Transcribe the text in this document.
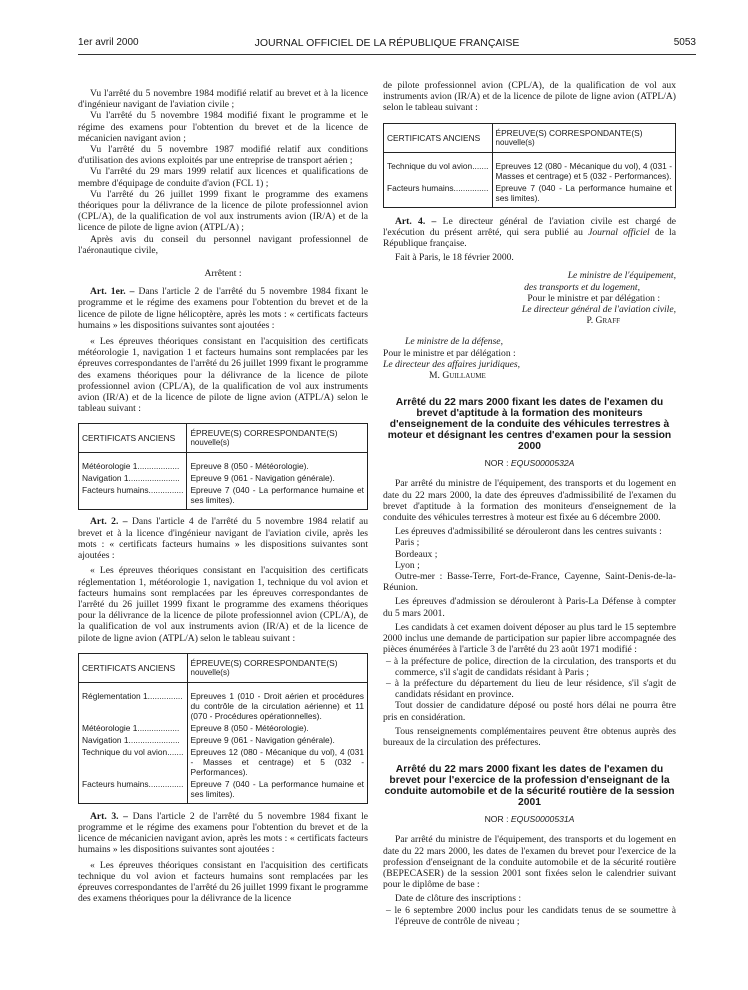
1er avril 2000	JOURNAL OFFICIEL DE LA RÉPUBLIQUE FRANÇAISE	5053

Vu l'arrêté du 5 novembre 1984 modifié relatif au brevet et à la licence d'ingénieur navigant de l'aviation civile ;

Vu l'arrêté du 5 novembre 1984 modifié fixant le programme et le régime des examens pour l'obtention du brevet et de la licence de mécanicien navigant avion ;

Vu l'arrêté du 5 novembre 1987 modifié relatif aux conditions d'utilisation des avions exploités par une entreprise de transport aérien ;

Vu l'arrêté du 29 mars 1999 relatif aux licences et qualifications de membre d'équipage de conduite d'avion (FCL 1) ;

Vu l'arrêté du 26 juillet 1999 fixant le programme des examens théoriques pour la délivrance de la licence de pilote professionnel avion (CPL/A), de la qualification de vol aux instruments avion (IR/A) et de la licence de pilote de ligne avion (ATPL/A) ;

Après avis du conseil du personnel navigant professionnel de l'aéronautique civile,

Arrêtent :

Art. 1er. – Dans l'article 2 de l'arrêté du 5 novembre 1984 fixant le programme et le régime des examens pour l'obtention du brevet et de la licence de pilote de ligne hélicoptère, après les mots : « certificats facteurs humains » les dispositions suivantes sont ajoutées :

« Les épreuves théoriques consistant en l'acquisition des certificats météorologie 1, navigation 1 et facteurs humains sont remplacées par les épreuves correspondantes de l'arrêté du 26 juillet 1999 fixant le programme des examens théoriques pour la délivrance de la licence de pilote professionnel avion (CPL/A), de la qualification de vol aux instruments avion (IR/A) et de la licence de pilote de ligne avion (ATPL/A) selon le tableau suivant :

CERTIFICATS ANCIENS	ÉPREUVE(S) CORRESPONDANTE(S)
nouvelle(s)

Météorologie 1..................	Epreuve 8 (050 - Météorologie).
Navigation 1......................	Epreuve 9 (061 - Navigation générale).
Facteurs humains...............	Epreuve 7 (040 - La performance humaine et ses limites).

Art. 2. – Dans l'article 4 de l'arrêté du 5 novembre 1984 relatif au brevet et à la licence d'ingénieur navigant de l'aviation civile, après les mots : « certificats facteurs humains » les dispositions suivantes sont ajoutées :

« Les épreuves théoriques consistant en l'acquisition des certificats réglementation 1, météorologie 1, navigation 1, technique du vol avion et facteurs humains sont remplacées par les épreuves correspondantes de l'arrêté du 26 juillet 1999 fixant le programme des examens théoriques pour la délivrance de la licence de pilote professionnel avion (CPL/A), de la qualification de vol aux instruments avion (IR/A) et de la licence de pilote de ligne avion (ATPL/A) selon le tableau suivant :

CERTIFICATS ANCIENS	ÉPREUVE(S) CORRESPONDANTE(S)
nouvelle(s)

Réglementation 1...............	Epreuves 1 (010 - Droit aérien et procédures du contrôle de la circulation aérienne) et 11 (070 - Procédures opérationnelles).
Météorologie 1..................	Epreuve 8 (050 - Météorologie).
Navigation 1......................	Epreuve 9 (061 - Navigation générale).
Technique du vol avion.......	Epreuves 12 (080 - Mécanique du vol), 4 (031 - Masses et centrage) et 5 (032 - Performances).
Facteurs humains...............	Epreuve 7 (040 - La performance humaine et ses limites).

Art. 3. – Dans l'article 2 de l'arrêté du 5 novembre 1984 fixant le programme et le régime des examens pour l'obtention du brevet et de la licence de mécanicien navigant avion, après les mots : « certificats facteurs humains » les dispositions suivantes sont ajoutées :

« Les épreuves théoriques consistant en l'acquisition des certificats technique du vol avion et facteurs humains sont remplacées par les épreuves correspondantes de l'arrêté du 26 juillet 1999 fixant le programme des examens théoriques pour la délivrance de la licence

de pilote professionnel avion (CPL/A), de la qualification de vol aux instruments avion (IR/A) et de la licence de pilote de ligne avion (ATPL/A) selon le tableau suivant :

CERTIFICATS ANCIENS	ÉPREUVE(S) CORRESPONDANTE(S)
nouvelle(s)

Technique du vol avion.......	Epreuves 12 (080 - Mécanique du vol), 4 (031 - Masses et centrage) et 5 (032 - Performances).
Facteurs humains...............	Epreuve 7 (040 - La performance humaine et ses limites).

Art. 4. – Le directeur général de l'aviation civile est chargé de l'exécution du présent arrêté, qui sera publié au Journal officiel de la République française.

Fait à Paris, le 18 février 2000.

Le ministre de l'équipement,

des transports et du logement,

Pour le ministre et par délégation :

Le directeur général de l'aviation civile,

P. Graff

Le ministre de la défense,

Pour le ministre et par délégation :

Le directeur des affaires juridiques,

M. Guillaume

Arrêté du 22 mars 2000 fixant les dates de l'examen du brevet d'aptitude à la formation des moniteurs d'enseignement de la conduite des véhicules terrestres à moteur et désignant les centres d'examen pour la session 2000

NOR : EQUS0000532A

Par arrêté du ministre de l'équipement, des transports et du logement en date du 22 mars 2000, la date des épreuves d'admissibilité de l'examen du brevet d'aptitude à la formation des moniteurs d'enseignement de la conduite des véhicules terrestres à moteur est fixée au 6 décembre 2000.

Les épreuves d'admissibilité se dérouleront dans les centres suivants :

Paris ;

Bordeaux ;

Lyon ;

Outre-mer : Basse-Terre, Fort-de-France, Cayenne, Saint-Denis-de-la-Réunion.

Les épreuves d'admission se dérouleront à Paris-La Défense à compter du 5 mars 2001.

Les candidats à cet examen doivent déposer au plus tard le 15 septembre 2000 inclus une demande de participation sur papier libre accompagnée des pièces énumérées à l'article 3 de l'arrêté du 23 août 1971 modifié :

– à la préfecture de police, direction de la circulation, des transports et du commerce, s'il s'agit de candidats résidant à Paris ;

– à la préfecture du département du lieu de leur résidence, s'il s'agit de candidats résidant en province.

Tout dossier de candidature déposé ou posté hors délai ne pourra être pris en considération.

Tous renseignements complémentaires peuvent être obtenus auprès des bureaux de la circulation des préfectures.

Arrêté du 22 mars 2000 fixant les dates de l'examen du brevet pour l'exercice de la profession d'enseignant de la conduite automobile et de la sécurité routière de la session 2001

NOR : EQUS0000531A

Par arrêté du ministre de l'équipement, des transports et du logement en date du 22 mars 2000, les dates de l'examen du brevet pour l'exercice de la profession d'enseignant de la conduite automobile et de la sécurité routière (BEPECASER) de la session 2001 sont fixées selon le calendrier suivant pour le diplôme de base :

Date de clôture des inscriptions :

– le 6 septembre 2000 inclus pour les candidats tenus de se soumettre à l'épreuve de contrôle de niveau ;
